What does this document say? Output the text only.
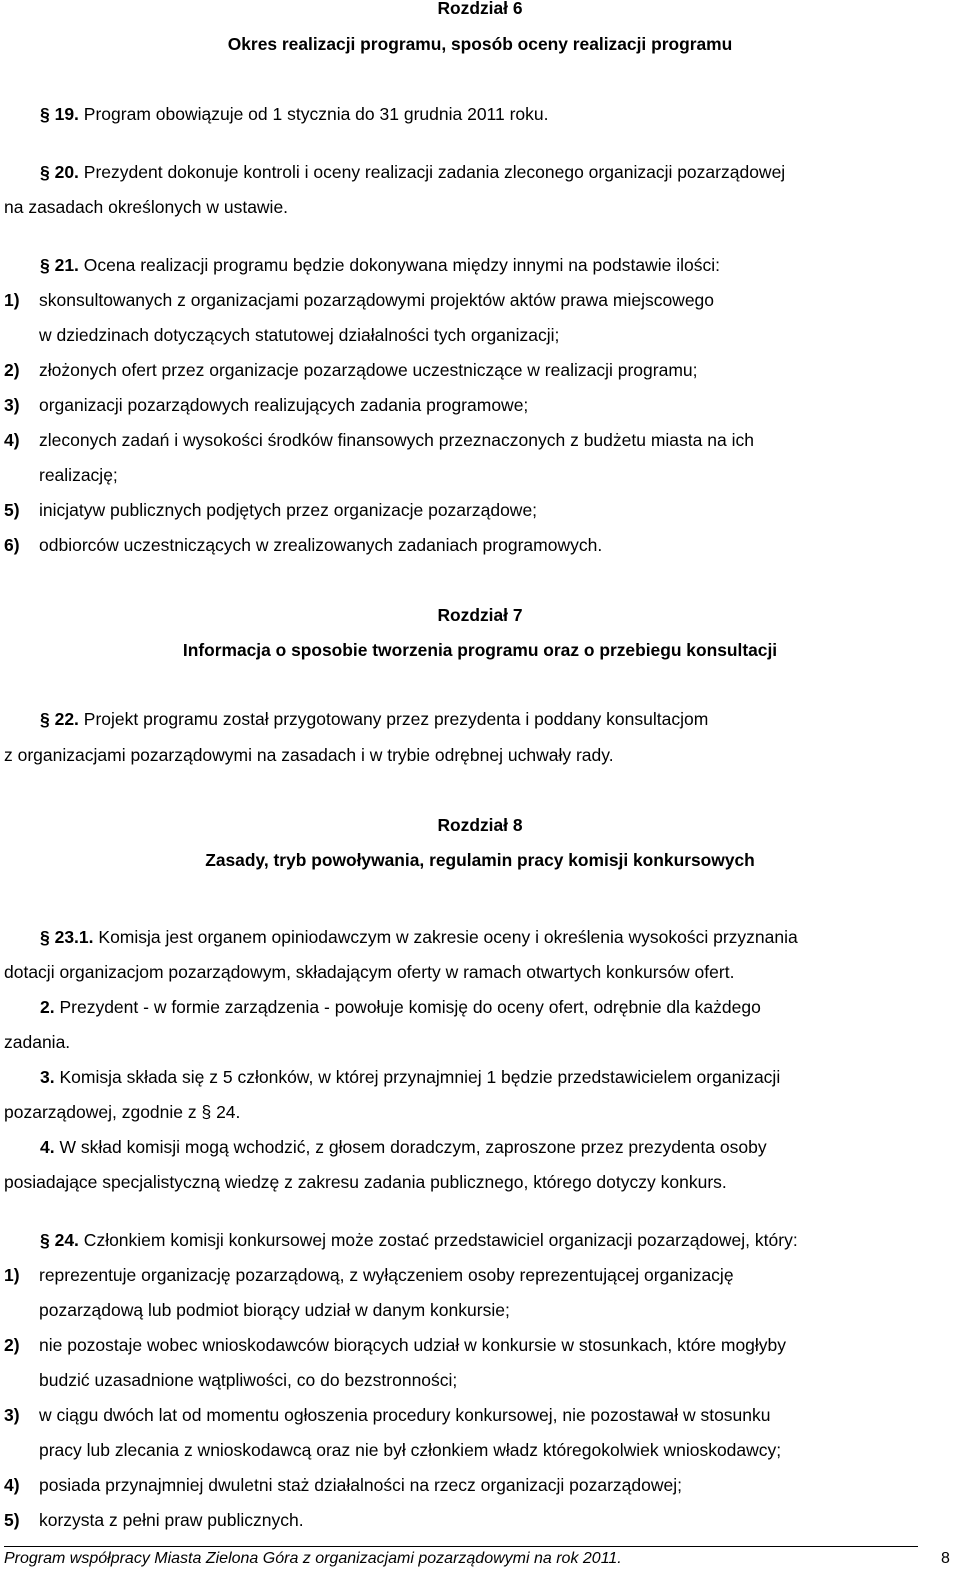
Rozdział 6
Okres realizacji programu, sposób oceny realizacji programu
§ 19. Program obowiązuje od 1 stycznia do 31 grudnia 2011 roku.
§ 20. Prezydent dokonuje kontroli i oceny realizacji zadania zleconego organizacji pozarządowej
na zasadach określonych w ustawie.
§ 21. Ocena realizacji programu będzie dokonywana między innymi na podstawie ilości:
1) skonsultowanych z organizacjami pozarządowymi projektów aktów prawa miejscowego
w dziedzinach dotyczących statutowej działalności tych organizacji;
2) złożonych ofert przez organizacje pozarządowe uczestniczące w realizacji programu;
3) organizacji pozarządowych realizujących zadania programowe;
4) zleconych zadań i wysokości środków finansowych przeznaczonych z budżetu miasta na ich
realizację;
5) inicjatyw publicznych podjętych przez organizacje pozarządowe;
6) odbiorców uczestniczących w zrealizowanych zadaniach programowych.
Rozdział 7
Informacja o sposobie tworzenia programu oraz o przebiegu konsultacji
§ 22. Projekt programu został przygotowany przez prezydenta i poddany konsultacjom
z organizacjami pozarządowymi na zasadach i w trybie odrębnej uchwały rady.
Rozdział 8
Zasady, tryb powoływania, regulamin pracy komisji konkursowych
§ 23.1. Komisja jest organem opiniodawczym w zakresie oceny i określenia wysokości przyznania
dotacji organizacjom pozarządowym, składającym oferty w ramach otwartych konkursów ofert.
2. Prezydent - w formie zarządzenia - powołuje komisję do oceny ofert, odrębnie dla każdego
zadania.
3. Komisja składa się z 5 członków, w której przynajmniej 1 będzie przedstawicielem organizacji
pozarządowej, zgodnie z § 24.
4. W skład komisji mogą wchodzić, z głosem doradczym, zaproszone przez prezydenta osoby
posiadające specjalistyczną wiedzę z zakresu zadania publicznego, którego dotyczy konkurs.
§ 24. Członkiem komisji konkursowej może zostać przedstawiciel organizacji pozarządowej, który:
1) reprezentuje organizację pozarządową, z wyłączeniem osoby reprezentującej organizację
pozarządową lub podmiot biorący udział w danym konkursie;
2) nie pozostaje wobec wnioskodawców biorących udział w konkursie w stosunkach, które mogłyby
budzić uzasadnione wątpliwości, co do bezstronności;
3) w ciągu dwóch lat od momentu ogłoszenia procedury konkursowej, nie pozostawał w stosunku
pracy lub zlecania z wnioskodawcą oraz nie był członkiem władz któregokolwiek wnioskodawcy;
4) posiada przynajmniej dwuletni staż działalności na rzecz organizacji pozarządowej;
5) korzysta z pełni praw publicznych.
Program współpracy Miasta Zielona Góra z organizacjami pozarządowymi na rok 2011.	8
